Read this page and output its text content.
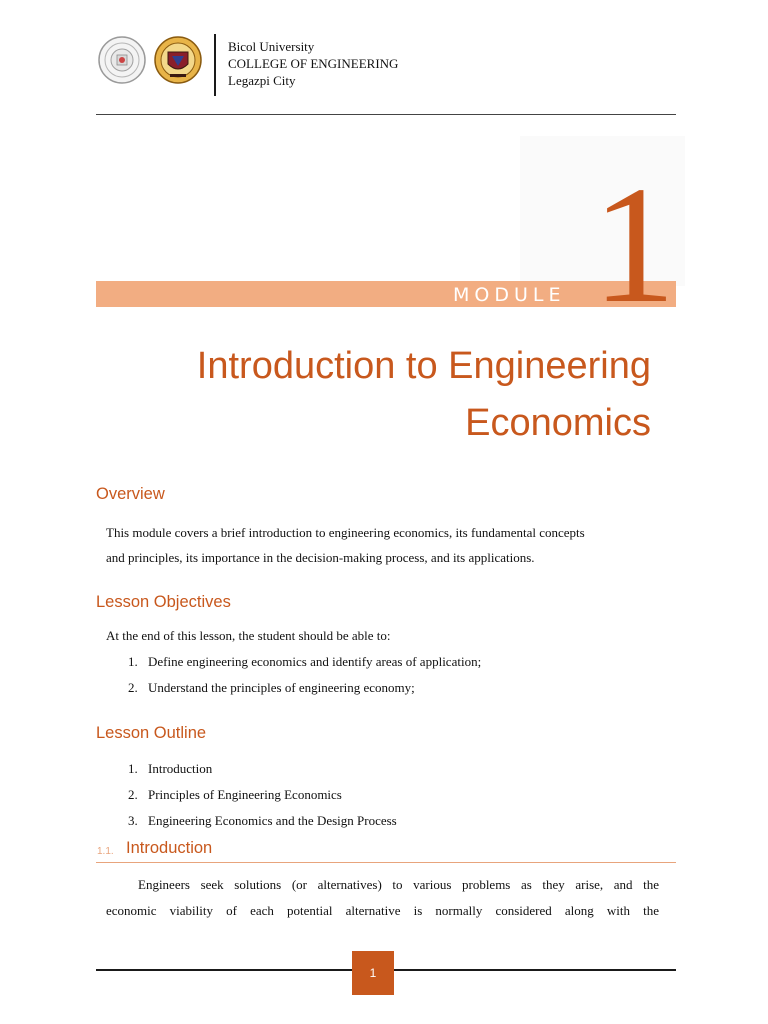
Bicol University
COLLEGE OF ENGINEERING
Legazpi City
MODULE 1
Introduction to Engineering
Economics
Overview
This module covers a brief introduction to engineering economics, its fundamental concepts
and principles, its importance in the decision-making process, and its applications.
Lesson Objectives
At the end of this lesson, the student should be able to:
1. Define engineering economics and identify areas of application;
2. Understand the principles of engineering economy;
Lesson Outline
1. Introduction
2. Principles of Engineering Economics
3. Engineering Economics and the Design Process
1.1. Introduction
Engineers seek solutions (or alternatives) to various problems as they arise, and the
economic viability of each potential alternative is normally considered along with the
1
